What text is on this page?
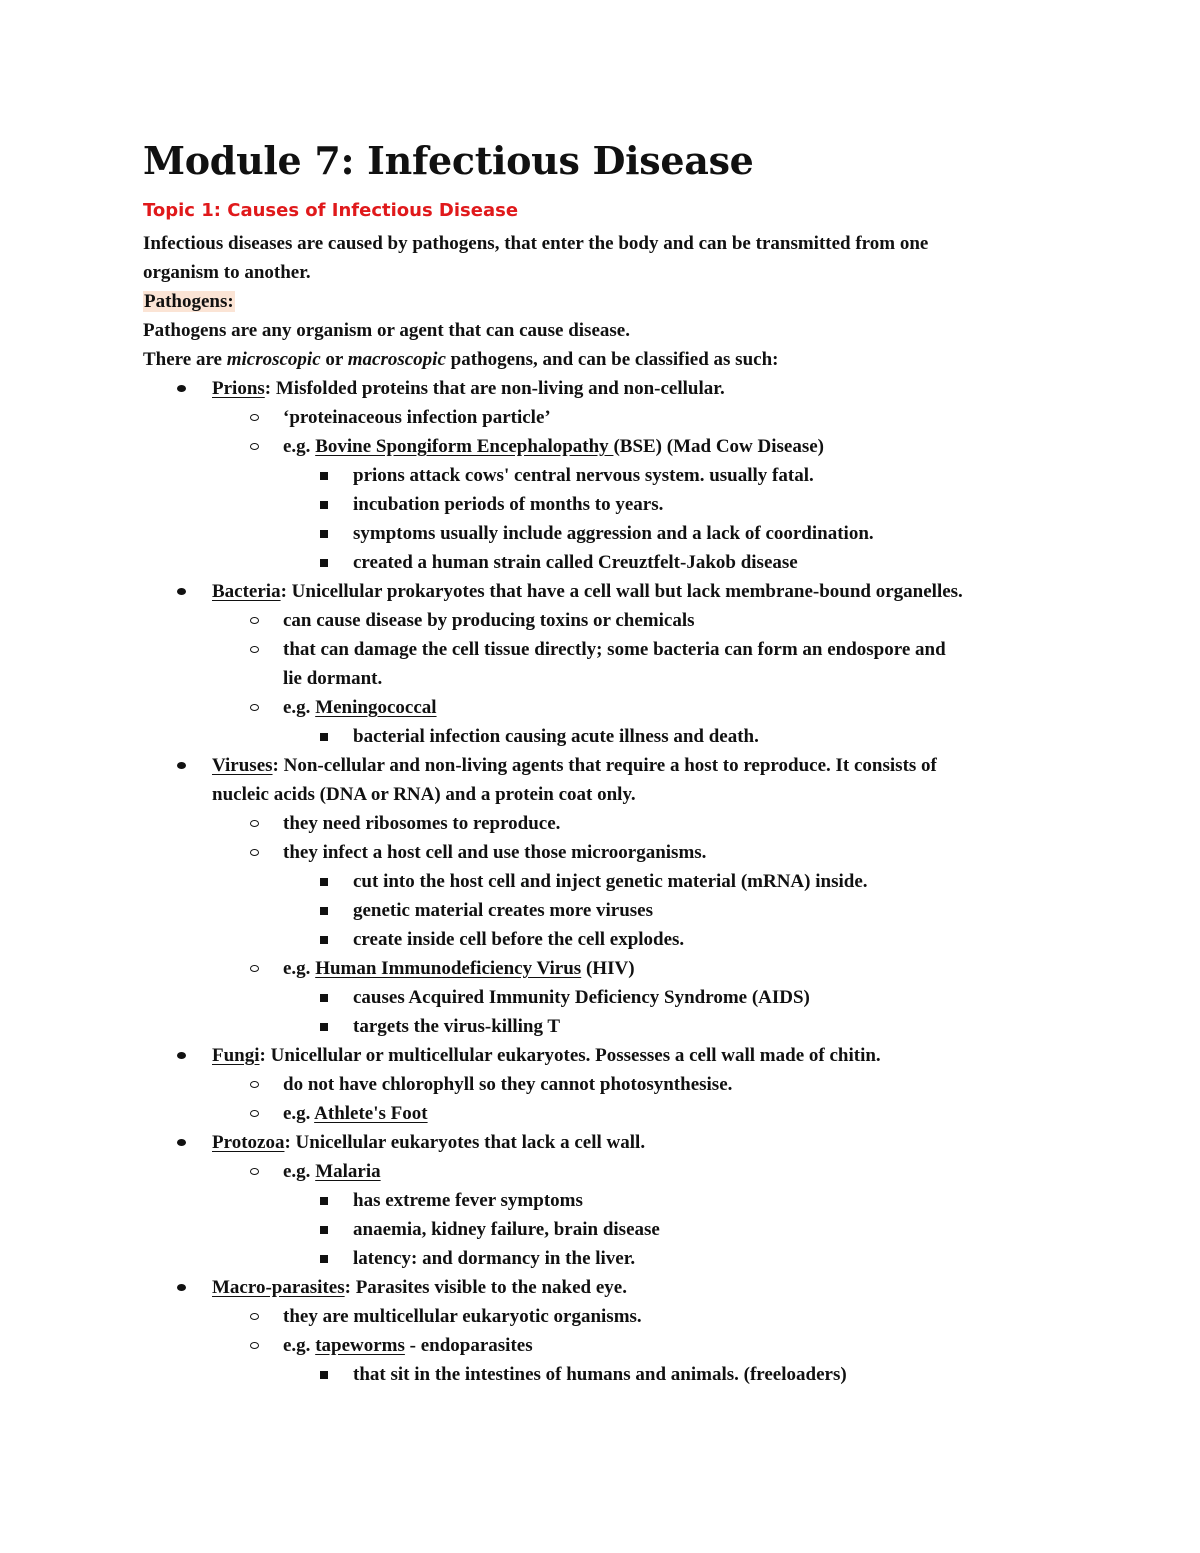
Module 7: Infectious Disease
Topic 1: Causes of Infectious Disease
Infectious diseases are caused by pathogens, that enter the body and can be transmitted from one
organism to another.
Pathogens:
Pathogens are any organism or agent that can cause disease.
There are microscopic or macroscopic pathogens, and can be classified as such:
Prions: Misfolded proteins that are non-living and non-cellular.
‘proteinaceous infection particle’
e.g. Bovine Spongiform Encephalopathy (BSE) (Mad Cow Disease)
prions attack cows' central nervous system. usually fatal.
incubation periods of months to years.
symptoms usually include aggression and a lack of coordination.
created a human strain called Creuztfelt-Jakob disease
Bacteria: Unicellular prokaryotes that have a cell wall but lack membrane-bound organelles.
can cause disease by producing toxins or chemicals
that can damage the cell tissue directly; some bacteria can form an endospore and
lie dormant.
e.g. Meningococcal
bacterial infection causing acute illness and death.
Viruses: Non-cellular and non-living agents that require a host to reproduce. It consists of
nucleic acids (DNA or RNA) and a protein coat only.
they need ribosomes to reproduce.
they infect a host cell and use those microorganisms.
cut into the host cell and inject genetic material (mRNA) inside.
genetic material creates more viruses
create inside cell before the cell explodes.
e.g. Human Immunodeficiency Virus (HIV)
causes Acquired Immunity Deficiency Syndrome (AIDS)
targets the virus-killing T
Fungi: Unicellular or multicellular eukaryotes. Possesses a cell wall made of chitin.
do not have chlorophyll so they cannot photosynthesise.
e.g. Athlete's Foot
Protozoa: Unicellular eukaryotes that lack a cell wall.
e.g. Malaria
has extreme fever symptoms
anaemia, kidney failure, brain disease
latency: and dormancy in the liver.
Macro-parasites: Parasites visible to the naked eye.
they are multicellular eukaryotic organisms.
e.g. tapeworms - endoparasites
that sit in the intestines of humans and animals. (freeloaders)
